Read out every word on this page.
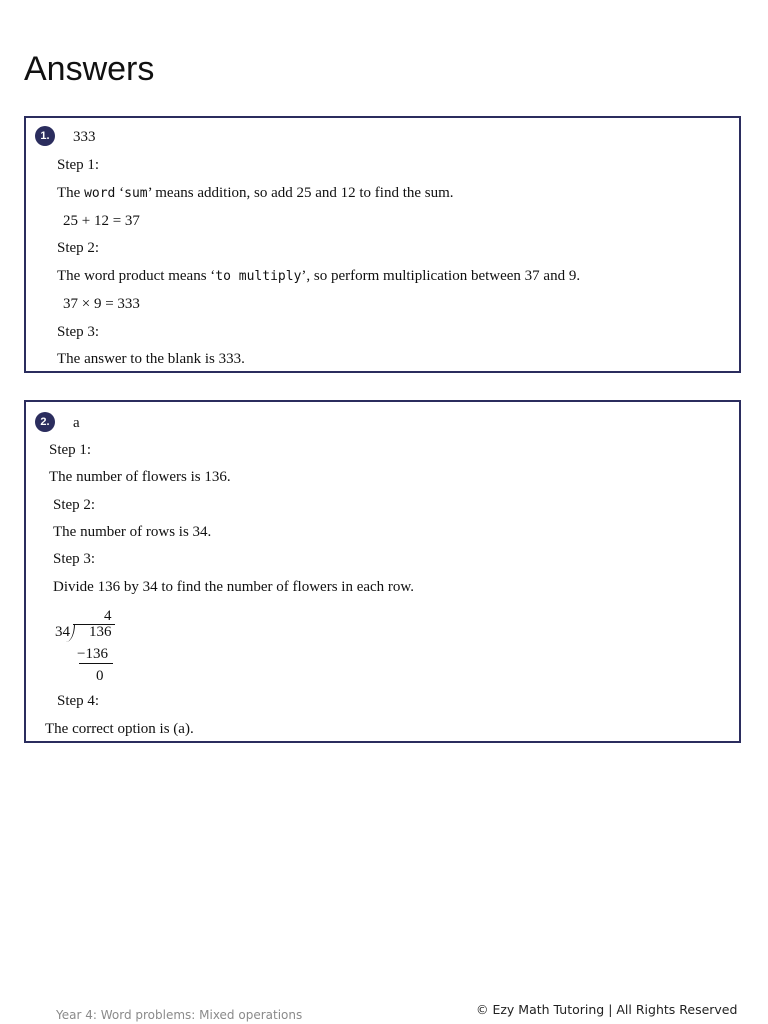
Answers
1.	333
Step 1:
The word ‘sum’ means addition, so add 25 and 12 to find the sum.
25 + 12 = 37
Step 2:
The word product means ‘to multiply’, so perform multiplication between 37 and 9.
37 × 9 = 333
Step 3:
The answer to the blank is 333.
2.	a
Step 1:
The number of flowers is 136.
Step 2:
The number of rows is 34.
Step 3:
Divide 136 by 34 to find the number of flowers in each row.
4
34 136
−136
0
Step 4:
The correct option is (a).
Year 4: Word problems: Mixed operations	© Ezy Math Tutoring | All Rights Reserved
